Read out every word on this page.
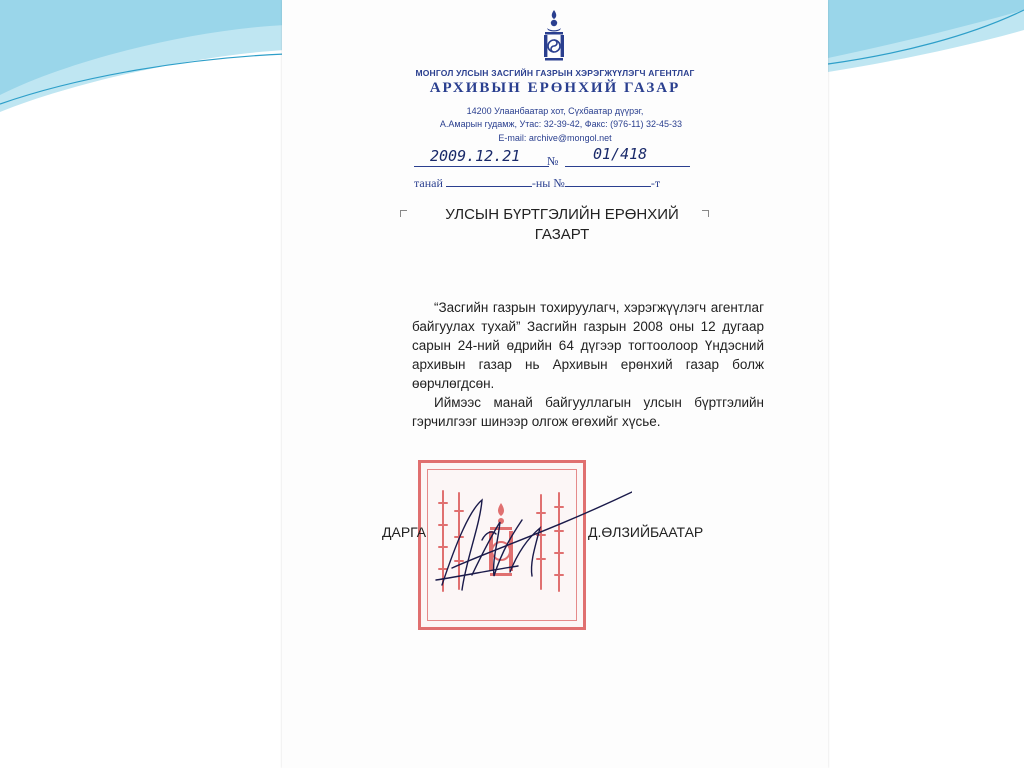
МОНГОЛ УЛСЫН ЗАСГИЙН ГАЗРЫН ХЭРЭГЖҮҮЛЭГЧ АГЕНТЛАГ
АРХИВЫН ЕРӨНХИЙ ГАЗАР
14200 Улаанбаатар хот, Сүхбаатар дүүрэг,
А.Амарын гудамж, Утас: 32-39-42, Факс: (976-11) 32-45-33
E-mail: archive@mongol.net
2009.12.21 № 01/418
танай	-ны №	-т
УЛСЫН БҮРТГЭЛИЙН ЕРӨНХИЙ
ГАЗАРТ

“Засгийн газрын тохируулагч, хэрэгжүүлэгч агентлаг байгуулах тухай” Засгийн газрын 2008 оны 12 дугаар сарын 24-ний өдрийн 64 дүгээр тогтоолоор Үндэсний архивын газар нь Архивын ерөнхий газар болж өөрчлөгдсөн.

Иймээс манай байгууллагын улсын бүртгэлийн гэрчилгээг шинээр олгож өгөхийг хүсье.

ДАРГА	Д.ӨЛЗИЙБААТАР
